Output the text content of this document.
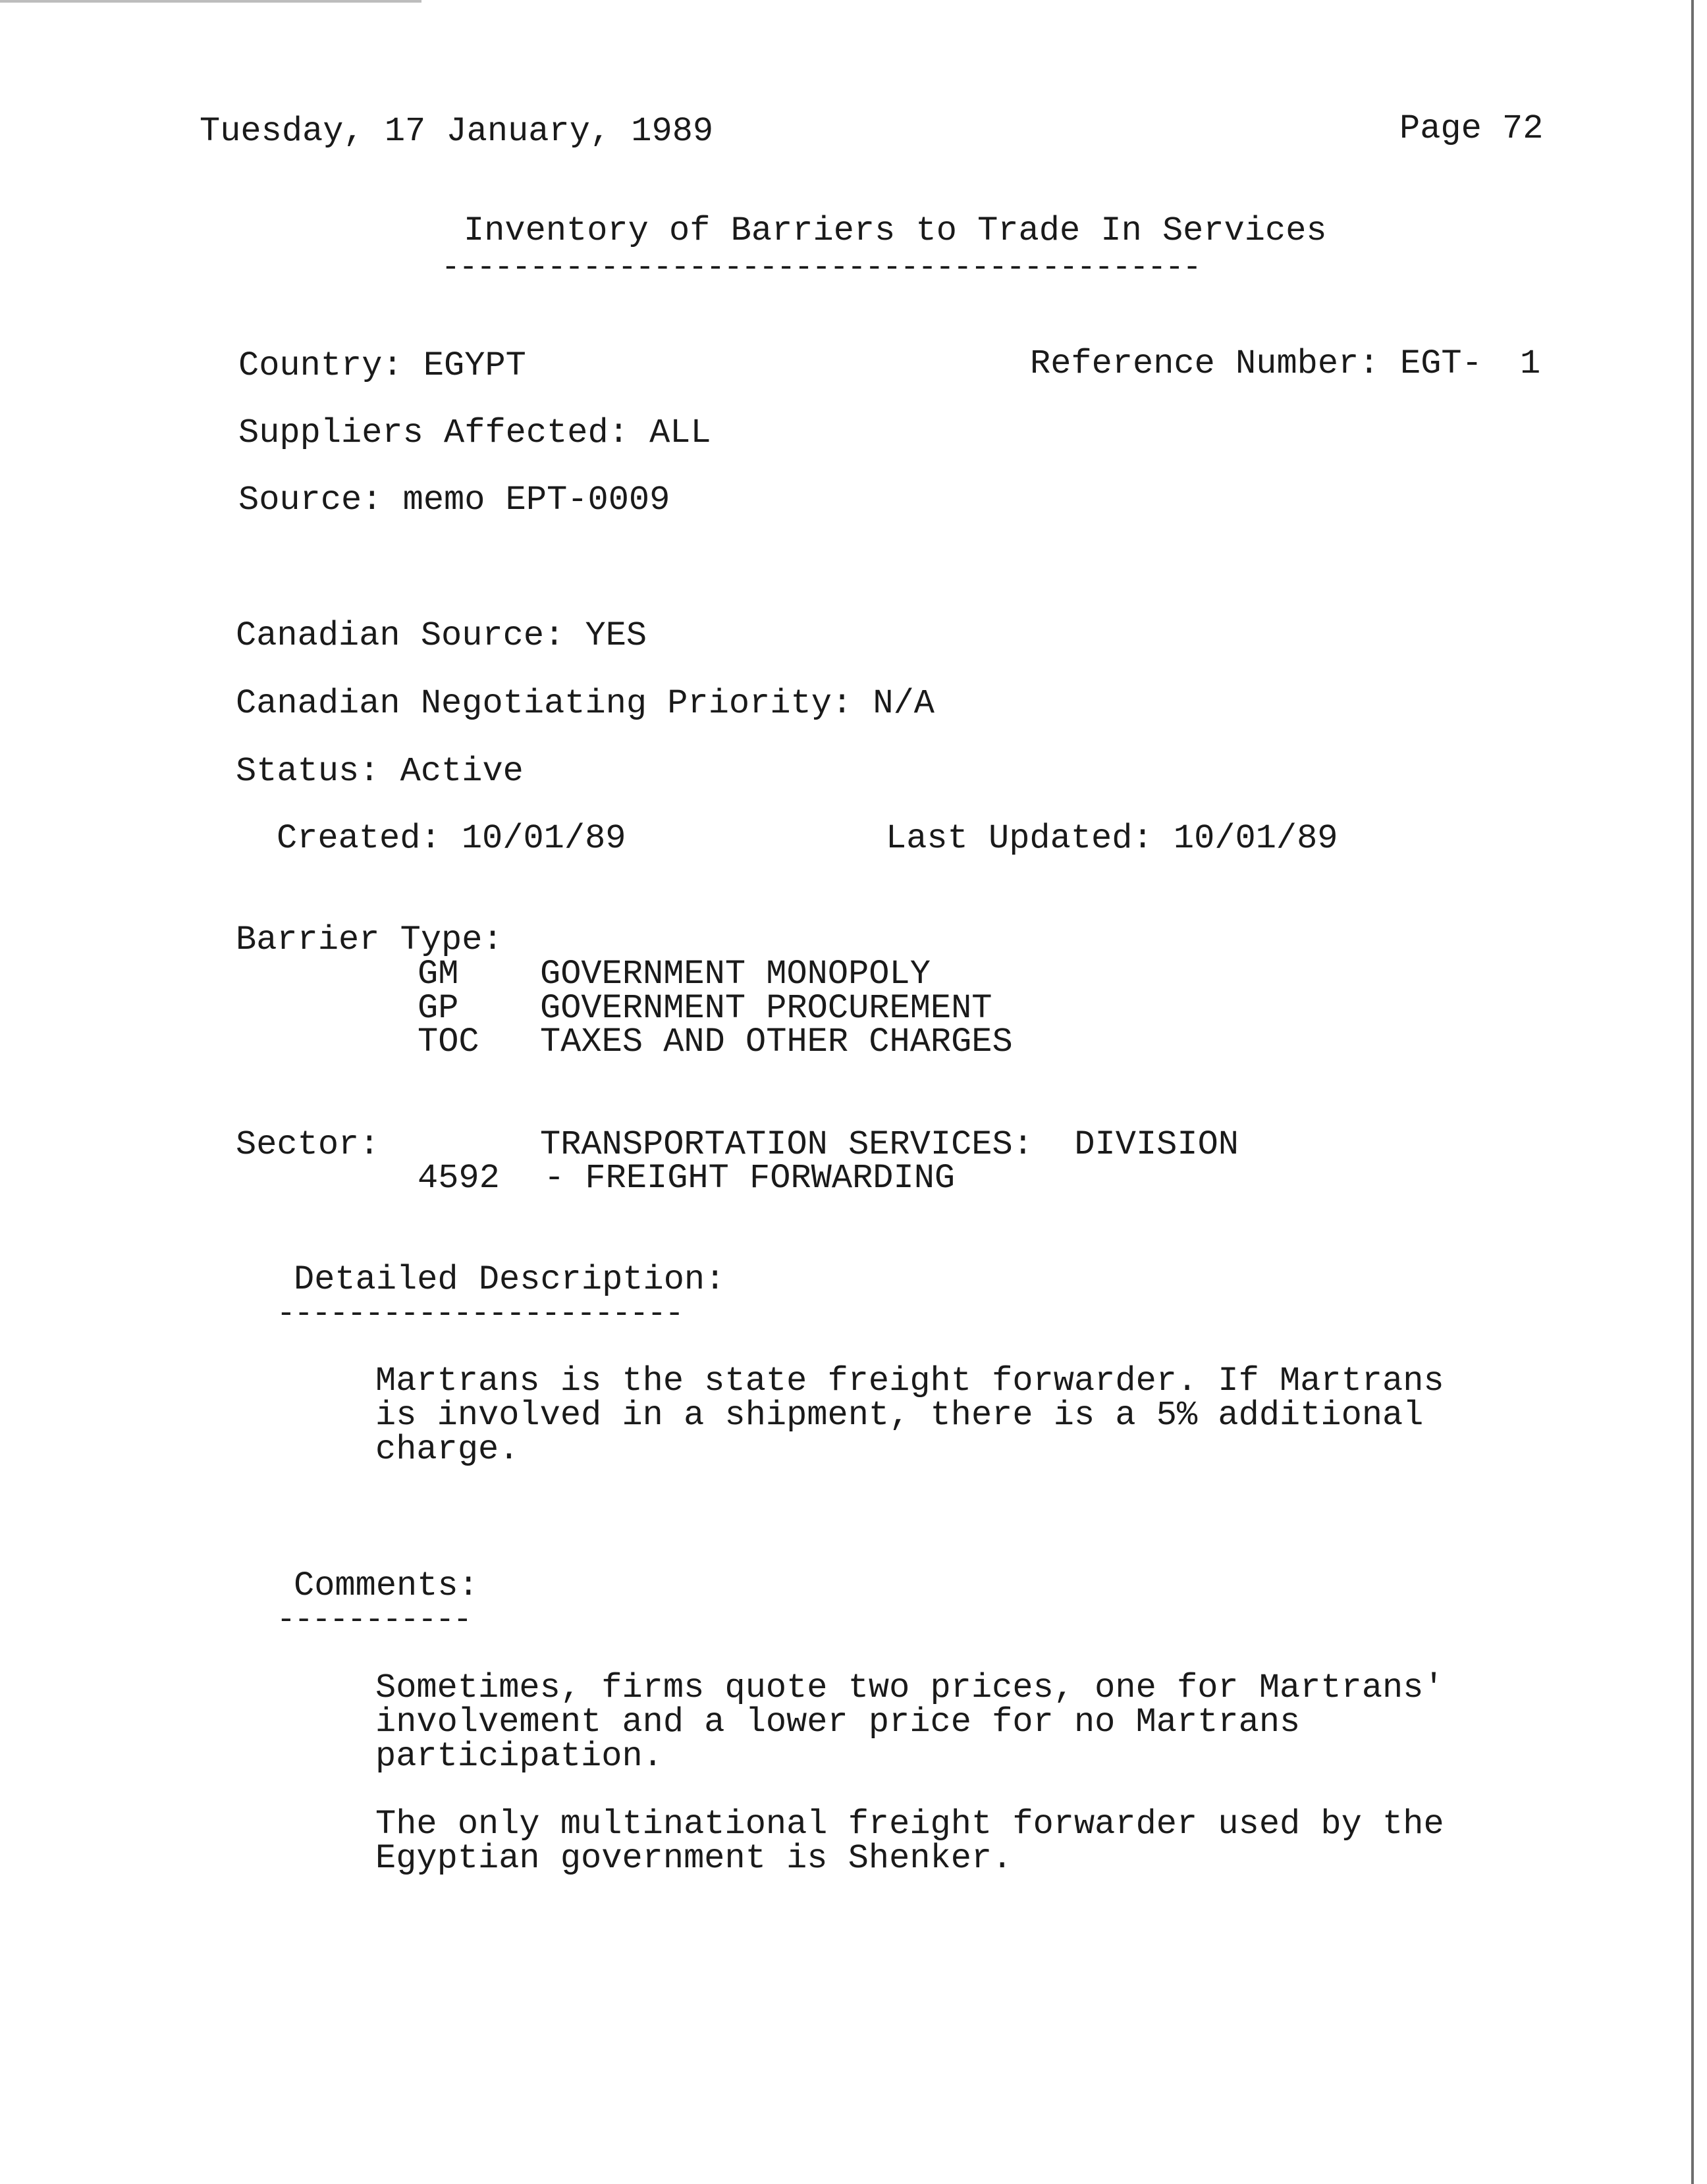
Tuesday, 17 January, 1989	Page 72
Inventory of Barriers to Trade In Services
-------------------------------------------
Country: EGYPT	Reference Number: EGT- 1
Suppliers Affected: ALL
Source: memo EPT-0009
Canadian Source: YES
Canadian Negotiating Priority: N/A
Status: Active
Created: 10/01/89	Last Updated: 10/01/89
Barrier Type:
GM GOVERNMENT MONOPOLY
GP GOVERNMENT PROCUREMENT
TOC TAXES AND OTHER CHARGES
Sector:	TRANSPORTATION SERVICES:  DIVISION
4592 - FREIGHT FORWARDING
Detailed Description:
-----------------------
Martrans is the state freight forwarder. If Martrans
is involved in a shipment, there is a 5% additional
charge.
Comments:
-----------
Sometimes, firms quote two prices, one for Martrans'
involvement and a lower price for no Martrans
participation.
The only multinational freight forwarder used by the
Egyptian government is Shenker.
